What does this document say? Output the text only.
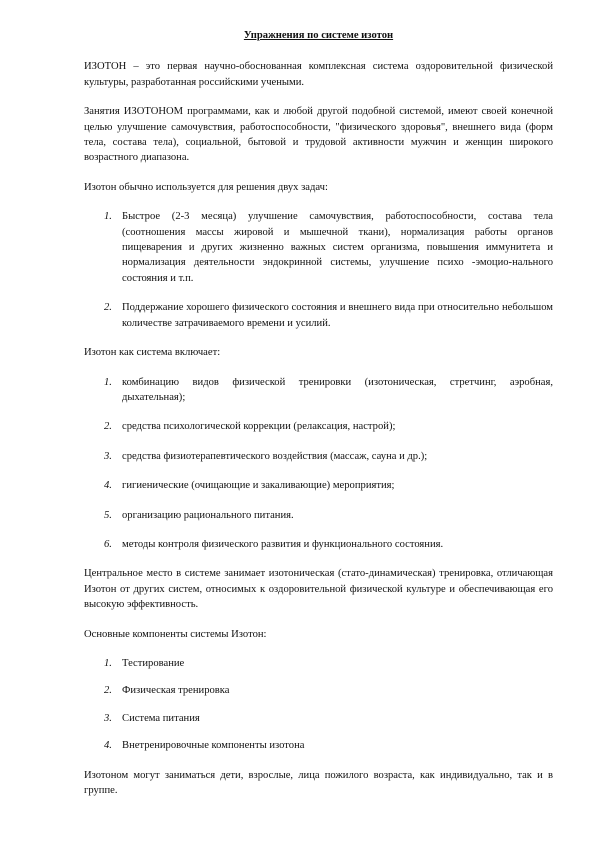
Упражнения по системе изотон

ИЗОТОН – это первая научно-обоснованная комплексная система оздоровительной физической культуры, разработанная российскими учеными.

Занятия ИЗОТОНОМ программами, как и любой другой подобной системой, имеют своей конечной целью улучшение самочувствия, работоспособности, "физического здоровья", внешнего вида (форм тела, состава тела), социальной, бытовой и трудовой активности мужчин и женщин широкого возрастного диапазона.

Изотон обычно используется для решения двух задач:

1. Быстрое (2-3 месяца) улучшение самочувствия, работоспособности, состава тела (соотношения массы жировой и мышечной ткани), нормализация работы органов пищеварения и других жизненно важных систем организма, повышения иммунитета и нормализация деятельности эндокринной системы, улучшение психо -эмоцио-нального состояния и т.п.
2. Поддержание хорошего физического состояния и внешнего вида при относительно небольшом количестве затрачиваемого времени и усилий.

Изотон как система включает:

1. комбинацию видов физической тренировки (изотоническая, стретчинг, аэробная, дыхательная);
2. средства психологической коррекции (релаксация, настрой);
3. средства физиотерапевтического воздействия (массаж, сауна и др.);
4. гигиенические (очищающие и закаливающие) мероприятия;
5. организацию рационального питания.
6. методы контроля физического развития и функционального состояния.

Центральное место в системе занимает изотоническая (стато-динамическая) тренировка, отличающая Изотон от других систем, относимых к оздоровительной физической культуре и обеспечивающая его высокую эффективность.

Основные компоненты системы Изотон:

1. Тестирование
2. Физическая тренировка
3. Система питания
4. Внетренировочные компоненты изотона

Изотоном могут заниматься дети, взрослые, лица пожилого возраста, как индивидуально, так и в группе.
